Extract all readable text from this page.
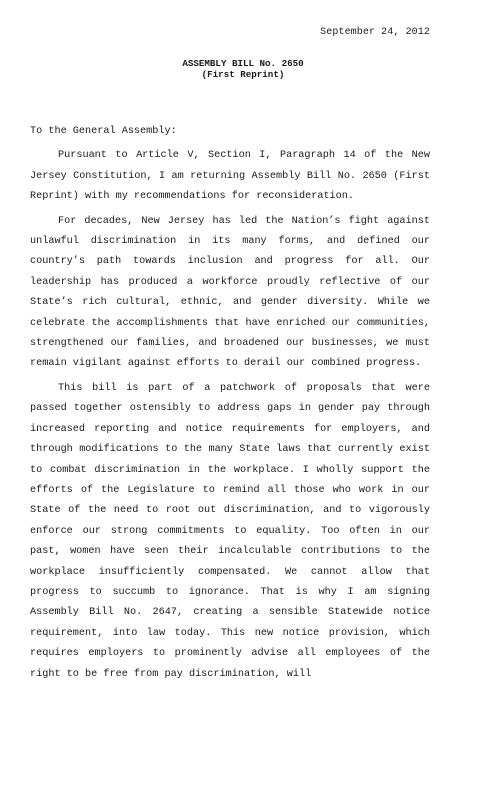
September 24, 2012
ASSEMBLY BILL No. 2650
(First Reprint)

To the General Assembly:

Pursuant to Article V, Section I, Paragraph 14 of the New Jersey Constitution, I am returning Assembly Bill No. 2650 (First Reprint) with my recommendations for reconsideration.

For decades, New Jersey has led the Nation’s fight against unlawful discrimination in its many forms, and defined our country’s path towards inclusion and progress for all. Our leadership has produced a workforce proudly reflective of our State’s rich cultural, ethnic, and gender diversity. While we celebrate the accomplishments that have enriched our communities, strengthened our families, and broadened our businesses, we must remain vigilant against efforts to derail our combined progress.

This bill is part of a patchwork of proposals that were passed together ostensibly to address gaps in gender pay through increased reporting and notice requirements for employers, and through modifications to the many State laws that currently exist to combat discrimination in the workplace. I wholly support the efforts of the Legislature to remind all those who work in our State of the need to root out discrimination, and to vigorously enforce our strong commitments to equality. Too often in our past, women have seen their incalculable contributions to the workplace insufficiently compensated. We cannot allow that progress to succumb to ignorance. That is why I am signing Assembly Bill No. 2647, creating a sensible Statewide notice requirement, into law today. This new notice provision, which requires employers to prominently advise all employees of the right to be free from pay discrimination, will
